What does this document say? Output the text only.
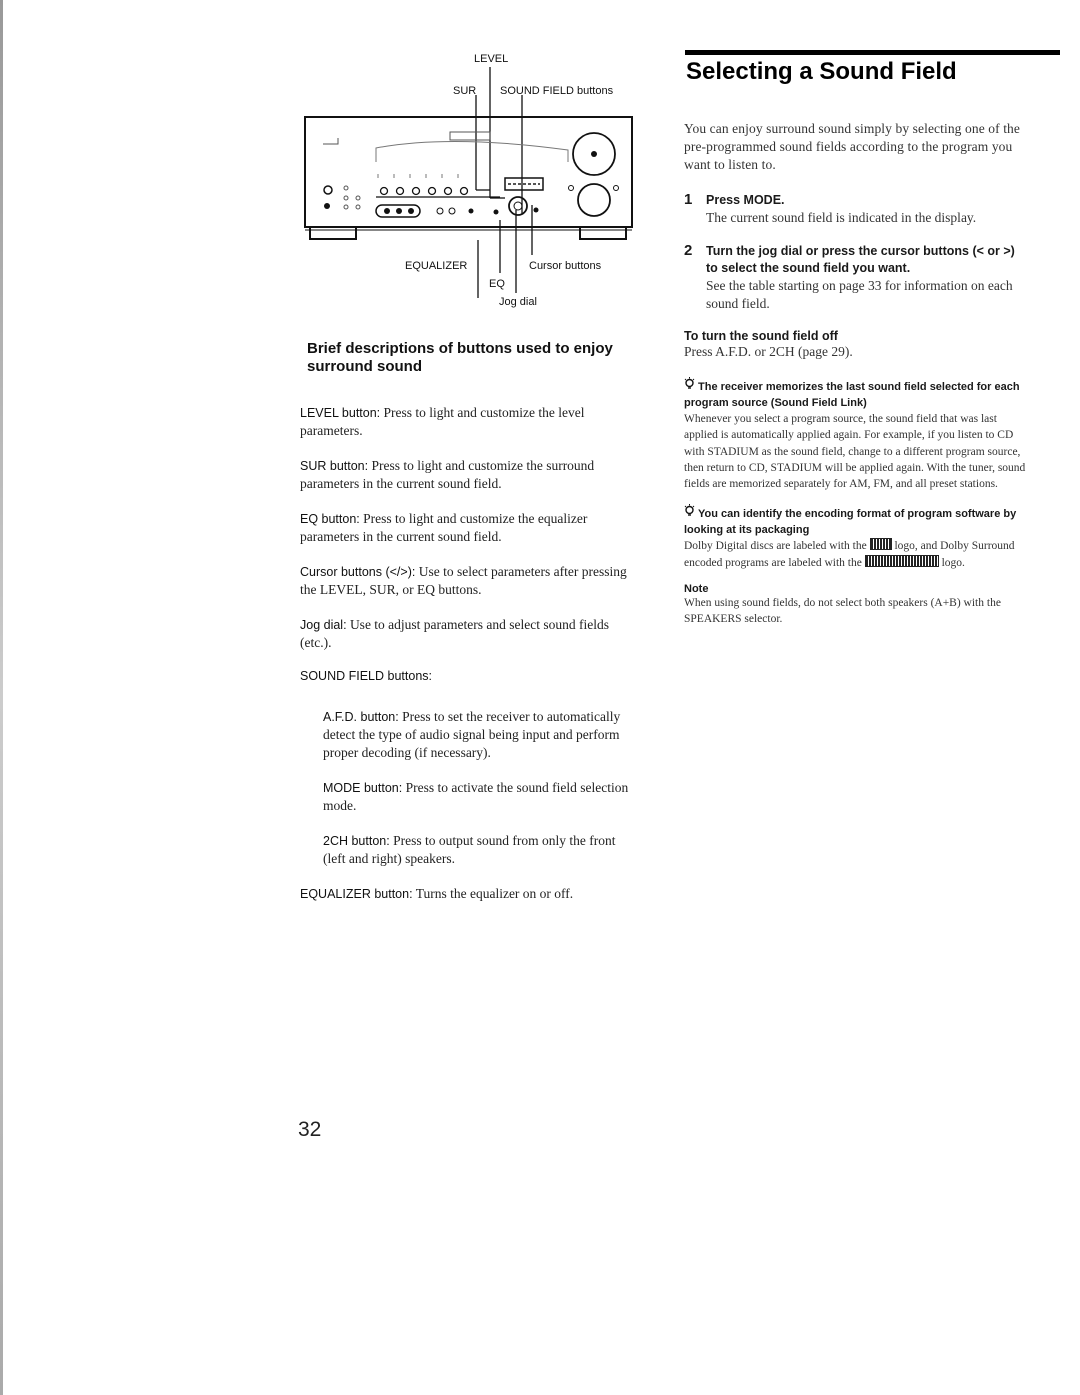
LEVEL
SUR SOUND FIELD buttons
EQUALIZER	Cursor buttons
EQ
Jog dial
Brief descriptions of buttons used to enjoy surround sound

LEVEL button: Press to light and customize the level parameters.

SUR button: Press to light and customize the surround parameters in the current sound field.

EQ button: Press to light and customize the equalizer parameters in the current sound field.

Cursor buttons (</>): Use to select parameters after pressing the LEVEL, SUR, or EQ buttons.

Jog dial: Use to adjust parameters and select sound fields (etc.).

SOUND FIELD buttons:

A.F.D. button: Press to set the receiver to automatically detect the type of audio signal being input and perform proper decoding (if necessary).

MODE button: Press to activate the sound field selection mode.

2CH button: Press to output sound from only the front (left and right) speakers.

EQUALIZER button: Turns the equalizer on or off.

Selecting a Sound Field

You can enjoy surround sound simply by selecting one of the pre-programmed sound fields according to the program you want to listen to.

1 Press MODE.
The current sound field is indicated in the display.
2 Turn the jog dial or press the cursor buttons (< or >) to select the sound field you want.
See the table starting on page 33 for information on each sound field.

To turn the sound field off

Press A.F.D. or 2CH (page 29).

The receiver memorizes the last sound field selected for each program source (Sound Field Link)

Whenever you select a program source, the sound field that was last applied is automatically applied again. For example, if you listen to CD with STADIUM as the sound field, change to a different program source, then return to CD, STADIUM will be applied again. With the tuner, sound fields are memorized separately for AM, FM, and all preset stations.

You can identify the encoding format of program software by looking at its packaging

Dolby Digital discs are labeled with the logo, and Dolby Surround encoded programs are labeled with the	logo.

Note

When using sound fields, do not select both speakers (A+B) with the SPEAKERS selector.

32
